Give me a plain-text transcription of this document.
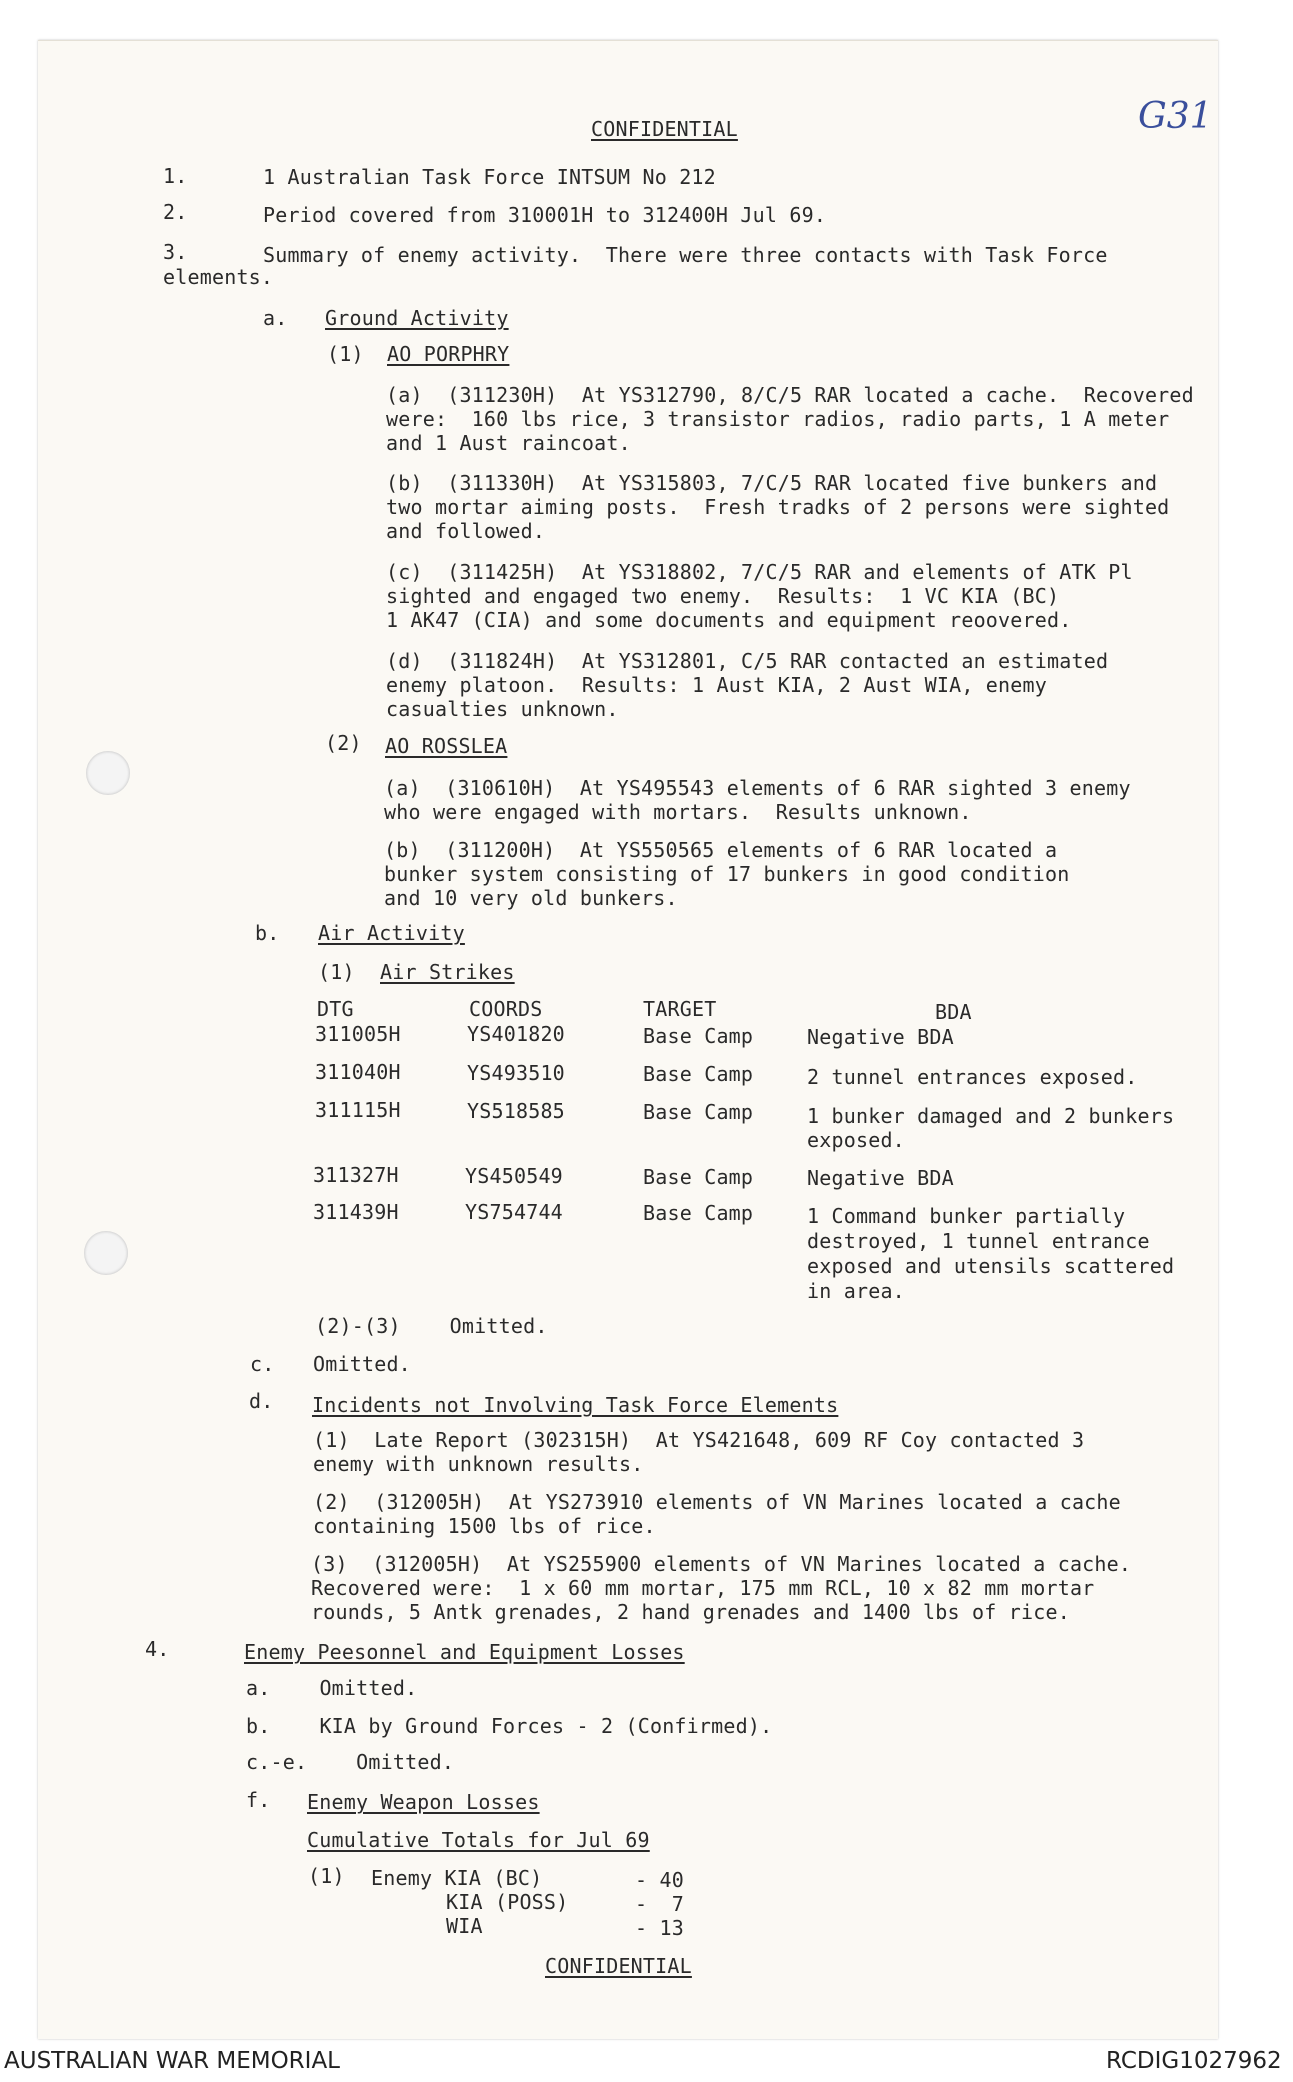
CONFIDENTIAL	G31
1.	1 Australian Task Force INTSUM No 212
2.	Period covered from 310001H to 312400H Jul 69.
3.	Summary of enemy activity.  There were three contacts with Task Force
elements.
a. Ground Activity
(1) AO PORPHRY
(a)  (311230H)  At YS312790, 8/C/5 RAR located a cache.  Recovered
were:  160 lbs rice, 3 transistor radios, radio parts, 1 A meter
and 1 Aust raincoat.
(b)  (311330H)  At YS315803, 7/C/5 RAR located five bunkers and
two mortar aiming posts.  Fresh tradks of 2 persons were sighted
and followed.
(c)  (311425H)  At YS318802, 7/C/5 RAR and elements of ATK Pl
sighted and engaged two enemy.  Results:  1 VC KIA (BC)
1 AK47 (CIA) and some documents and equipment reoovered.
(d)  (311824H)  At YS312801, C/5 RAR contacted an estimated
enemy platoon.  Results: 1 Aust KIA, 2 Aust WIA, enemy
casualties unknown.
(2) AO ROSSLEA
(a)  (310610H)  At YS495543 elements of 6 RAR sighted 3 enemy
who were engaged with mortars.  Results unknown.
(b)  (311200H)  At YS550565 elements of 6 RAR located a
bunker system consisting of 17 bunkers in good condition
and 10 very old bunkers.
b. Air Activity
(1) Air Strikes
DTG	COORDS	TARGET	BDA
311005H	YS401820	Base Camp	Negative BDA
311040H	YS493510	Base Camp	2 tunnel entrances exposed.
311115H	YS518585	Base Camp	1 bunker damaged and 2 bunkers
exposed.
311327H	YS450549	Base Camp	Negative BDA
311439H	YS754744	Base Camp	1 Command bunker partially
destroyed, 1 tunnel entrance
exposed and utensils scattered
in area.
(2)-(3)    Omitted.
c. Omitted.
d. Incidents not Involving Task Force Elements
(1)  Late Report (302315H)  At YS421648, 609 RF Coy contacted 3
enemy with unknown results.
(2)  (312005H)  At YS273910 elements of VN Marines located a cache
containing 1500 lbs of rice.
(3)  (312005H)  At YS255900 elements of VN Marines located a cache.
Recovered were:  1 x 60 mm mortar, 175 mm RCL, 10 x 82 mm mortar
rounds, 5 Antk grenades, 2 hand grenades and 1400 lbs of rice.
4.	Enemy Peesonnel and Equipment Losses
a.    Omitted.
b.    KIA by Ground Forces - 2 (Confirmed).
c.-e.    Omitted.
f. Enemy Weapon Losses
Cumulative Totals for Jul 69
(1) Enemy KIA (BC)	- 40
KIA (POSS)	-  7
WIA	- 13
CONFIDENTIAL
AUSTRALIAN WAR MEMORIAL	RCDIG1027962
